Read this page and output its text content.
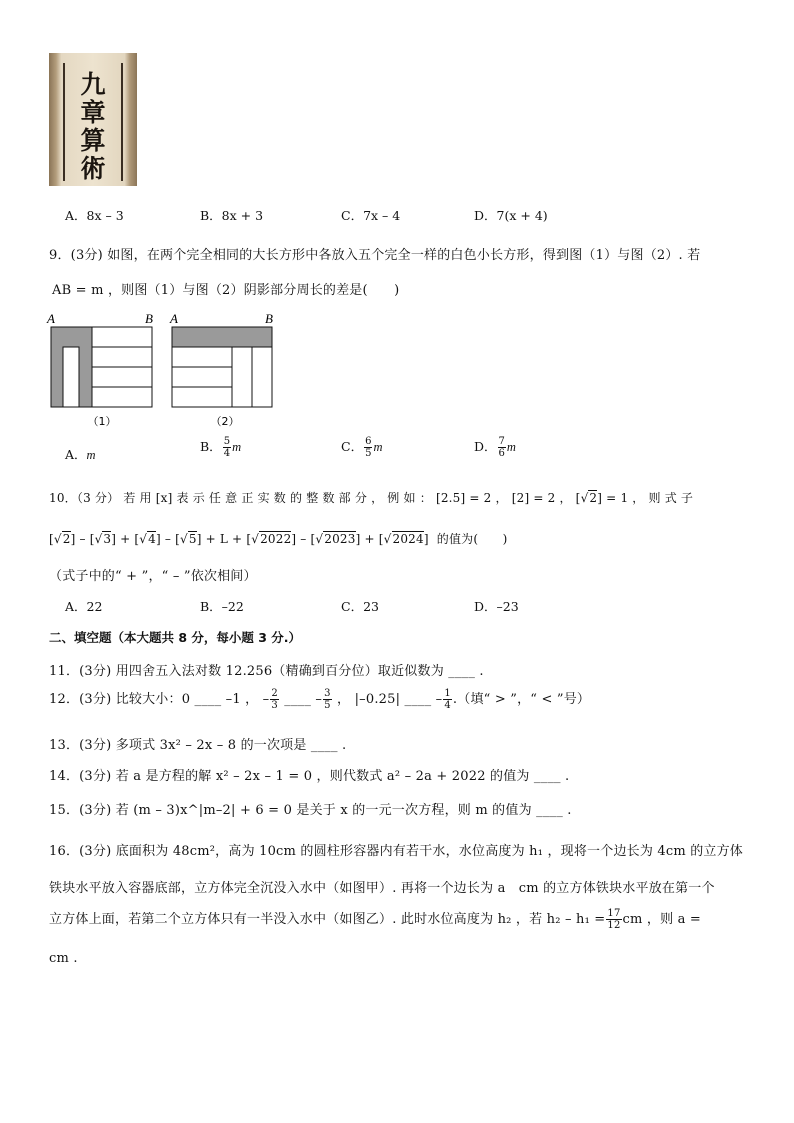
九
章
算
術
A．8x – 3	B．8x + 3	C．7x – 4	D．7(x + 4)
9．(3分) 如图，在两个完全相同的大长方形中各放入五个完全一样的白色小长方形，得到图（1）与图（2）. 若
AB = m ，则图（1）与图（2）阴影部分周长的差是(　　)
A	B
（1）
A	B
（2）
A．m
B． $\frac{5}{4}$ m	C． $\frac{6}{5}$ m	D． $\frac{7}{6}$ m
10．（3 分） 若 用 [x] 表 示 任 意 正 实 数 的 整 数 部 分 ， 例 如 ： [2.5] = 2 ， [2] = 2 ， [√2] = 1 ， 则 式 子
[√2] – [√3] + [√4] – [√5] + L + [√2022] – [√2023] + [√2024]  的值为(　　)
（式子中的“ + ”，“ – ”依次相间）
A．22	B．–22	C．23	D．–23
二、填空题（本大题共 8 分，每小题 3 分.）
11．(3分) 用四舍五入法对数 12.256（精确到百分位）取近似数为 ____ .
12．(3分) 比较大小：0 ____ –1 ， – $\frac{2}{3}$ ____ – $\frac{3}{5}$ ， |–0.25| ____ – $\frac{1}{4}$ .（填“ > ”，“ < ”号）
13．(3分) 多项式 3x² – 2x – 8 的一次项是 ____ .
14．(3分) 若 a 是方程的解 x² – 2x – 1 = 0 ，则代数式 a² – 2a + 2022 的值为 ____ .
15．(3分) 若 (m – 3)x^|m–2| + 6 = 0 是关于 x 的一元一次方程，则 m 的值为 ____ .
16．(3分) 底面积为 48cm²，高为 10cm 的圆柱形容器内有若干水，水位高度为 h₁ ，现将一个边长为 4cm 的立方体
铁块水平放入容器底部，立方体完全沉没入水中（如图甲）. 再将一个边长为 a　cm 的立方体铁块水平放在第一个
立方体上面，若第二个立方体只有一半没入水中（如图乙）. 此时水位高度为 h₂ ，若 $h_2 - h_1 = \frac{17}{12}$ cm ，则 a =
cm .
